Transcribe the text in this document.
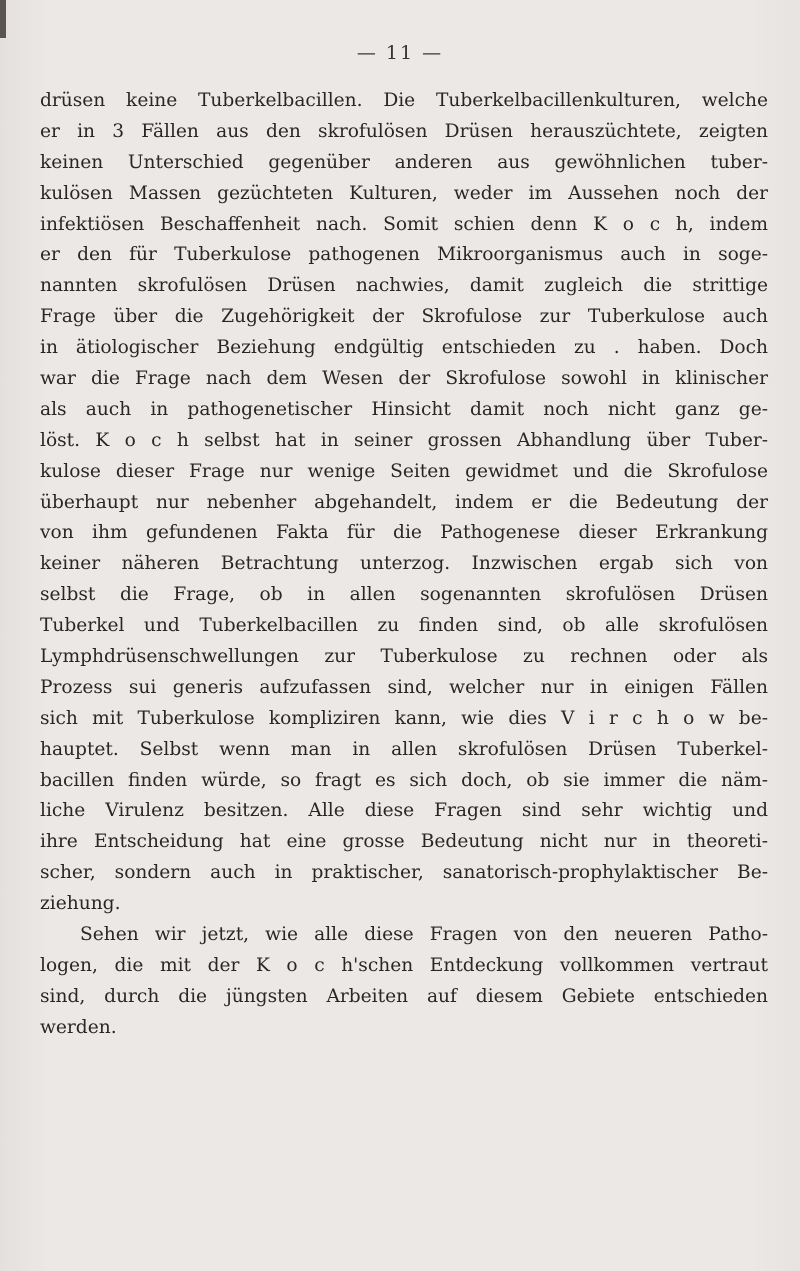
— 11 —
drüsen keine Tuberkelbacillen. Die Tuberkelbacillenkulturen, welche
er in 3 Fällen aus den skrofulösen Drüsen herauszüchtete, zeigten
keinen Unterschied gegenüber anderen aus gewöhnlichen tuber-
kulösen Massen gezüchteten Kulturen, weder im Aussehen noch der
infektiösen Beschaffenheit nach. Somit schien denn K o c h, indem
er den für Tuberkulose pathogenen Mikroorganismus auch in soge-
nannten skrofulösen Drüsen nachwies, damit zugleich die strittige
Frage über die Zugehörigkeit der Skrofulose zur Tuberkulose auch
in ätiologischer Beziehung endgültig entschieden zu . haben. Doch
war die Frage nach dem Wesen der Skrofulose sowohl in klinischer
als auch in pathogenetischer Hinsicht damit noch nicht ganz ge-
löst. K o c h selbst hat in seiner grossen Abhandlung über Tuber-
kulose dieser Frage nur wenige Seiten gewidmet und die Skrofulose
überhaupt nur nebenher abgehandelt, indem er die Bedeutung der
von ihm gefundenen Fakta für die Pathogenese dieser Erkrankung
keiner näheren Betrachtung unterzog. Inzwischen ergab sich von
selbst die Frage, ob in allen sogenannten skrofulösen Drüsen
Tuberkel und Tuberkelbacillen zu finden sind, ob alle skrofulösen
Lymphdrüsenschwellungen zur Tuberkulose zu rechnen oder als
Prozess sui generis aufzufassen sind, welcher nur in einigen Fällen
sich mit Tuberkulose kompliziren kann, wie dies V i r c h o w be-
hauptet. Selbst wenn man in allen skrofulösen Drüsen Tuberkel-
bacillen finden würde, so fragt es sich doch, ob sie immer die näm-
liche Virulenz besitzen. Alle diese Fragen sind sehr wichtig und
ihre Entscheidung hat eine grosse Bedeutung nicht nur in theoreti-
scher, sondern auch in praktischer, sanatorisch-prophylaktischer Be-
ziehung.
Sehen wir jetzt, wie alle diese Fragen von den neueren Patho-
logen, die mit der K o c h'schen Entdeckung vollkommen vertraut
sind, durch die jüngsten Arbeiten auf diesem Gebiete entschieden
werden.
